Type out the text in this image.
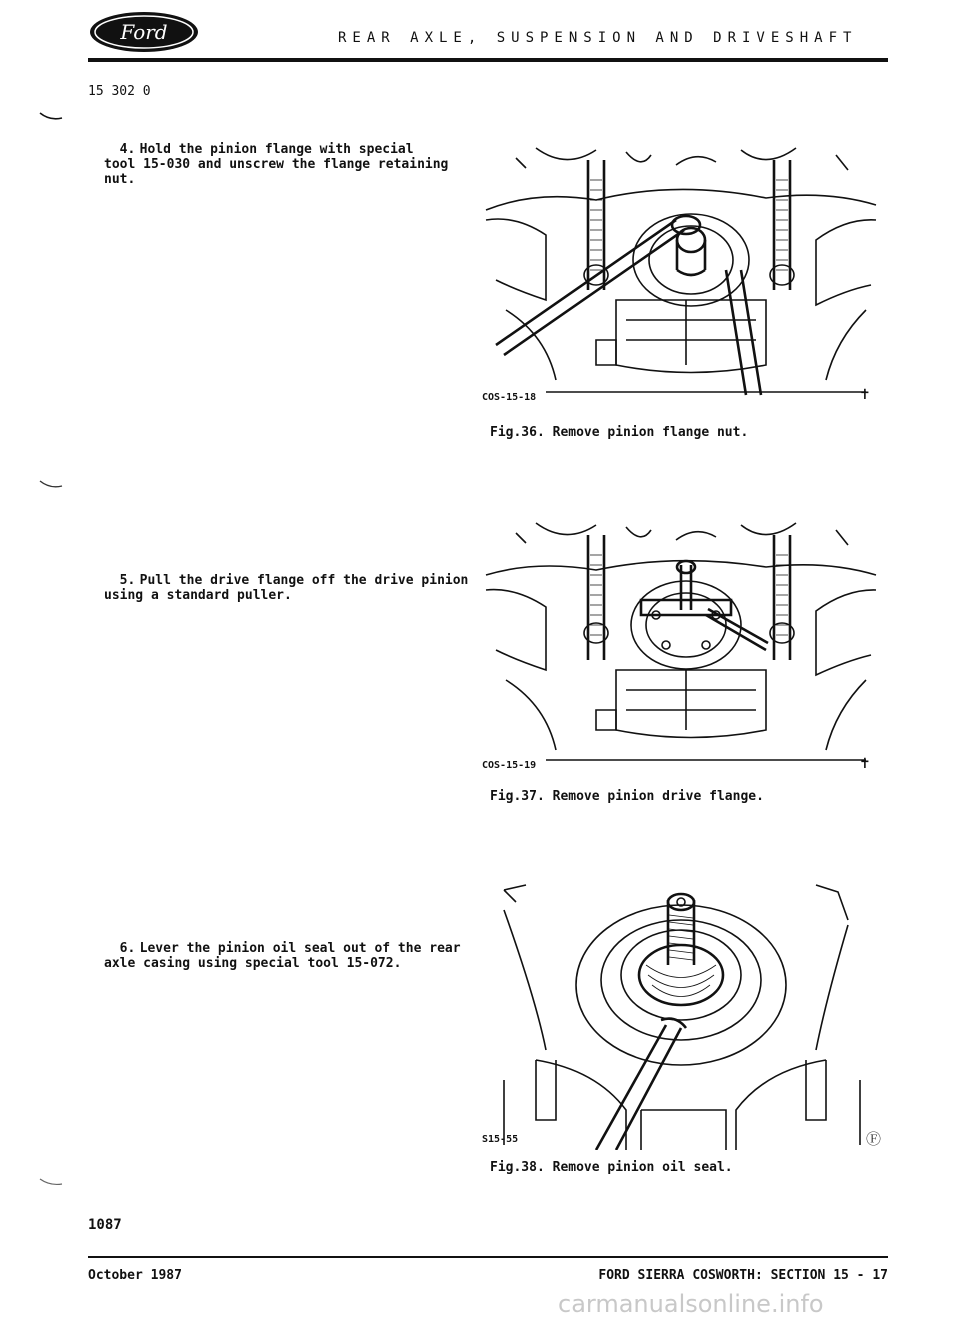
Ford	REAR AXLE, SUSPENSION AND DRIVESHAFT
15 302 0

4. Hold the pinion flange with special
tool 15-030 and unscrew the flange retaining
nut.

5. Pull the drive flange off the drive pinion
using a standard puller.

6. Lever the pinion oil seal out of the rear
axle casing using special tool 15-072.

COS-15-18	✝
Fig.36. Remove pinion flange nut.
COS-15-19	✝
Fig.37. Remove pinion drive flange.
S15-55	Ⓕ
Fig.38. Remove pinion oil seal.
1087
October 1987	FORD SIERRA COSWORTH: SECTION 15 - 17
carmanualsonline.info
